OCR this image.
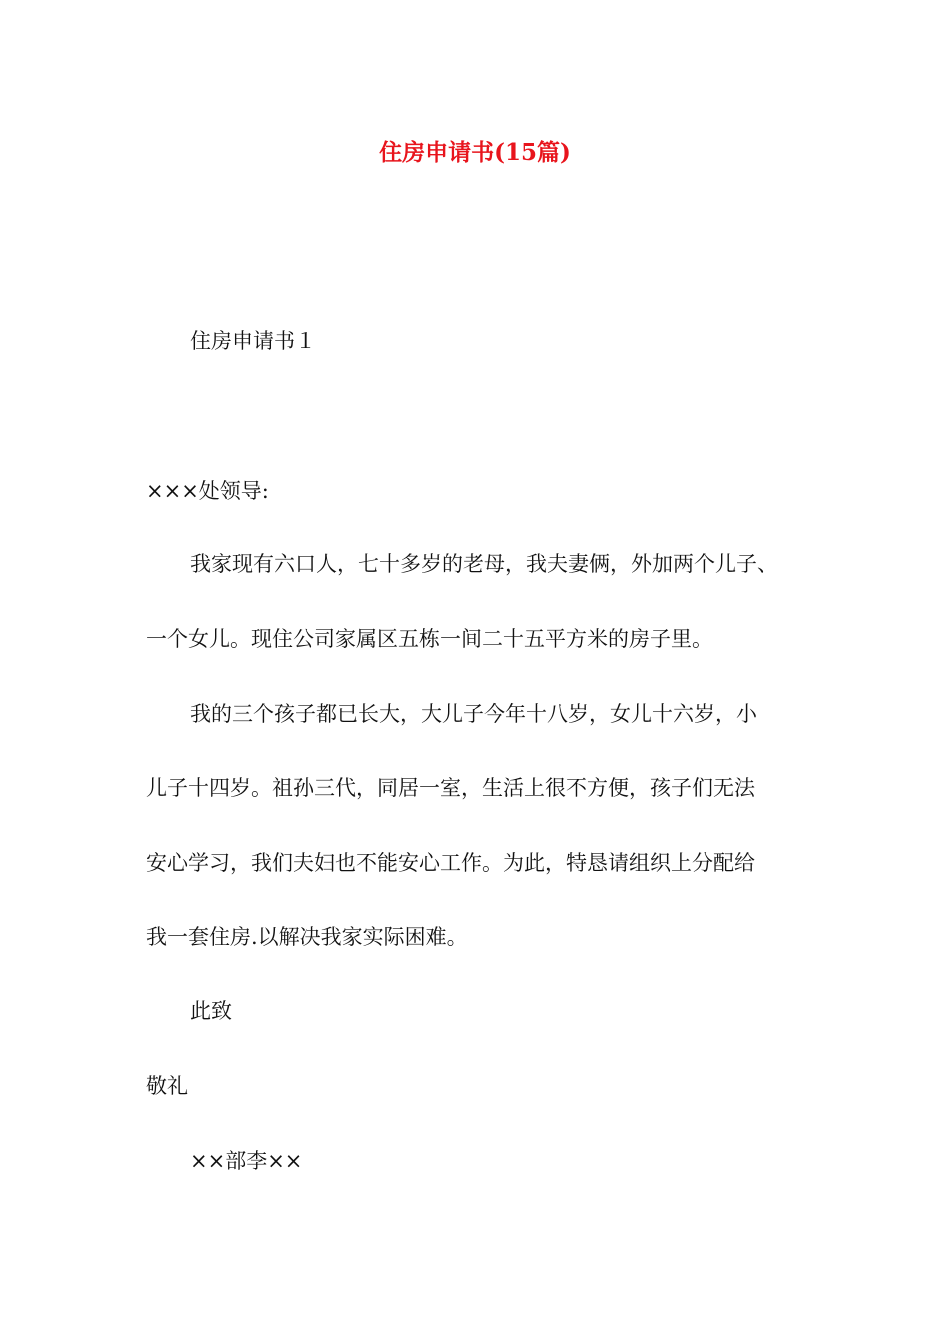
住房申请书(15篇)
住房申请书１
×××处领导:
我家现有六口人，七十多岁的老母，我夫妻俩，外加两个儿子、
一个女儿。现住公司家属区五栋一间二十五平方米的房子里。
我的三个孩子都已长大，大儿子今年十八岁，女儿十六岁，小
儿子十四岁。祖孙三代，同居一室，生活上很不方便，孩子们无法
安心学习，我们夫妇也不能安心工作。为此，特恳请组织上分配给
我一套住房.以解决我家实际困难。
此致
敬礼
××部李××
